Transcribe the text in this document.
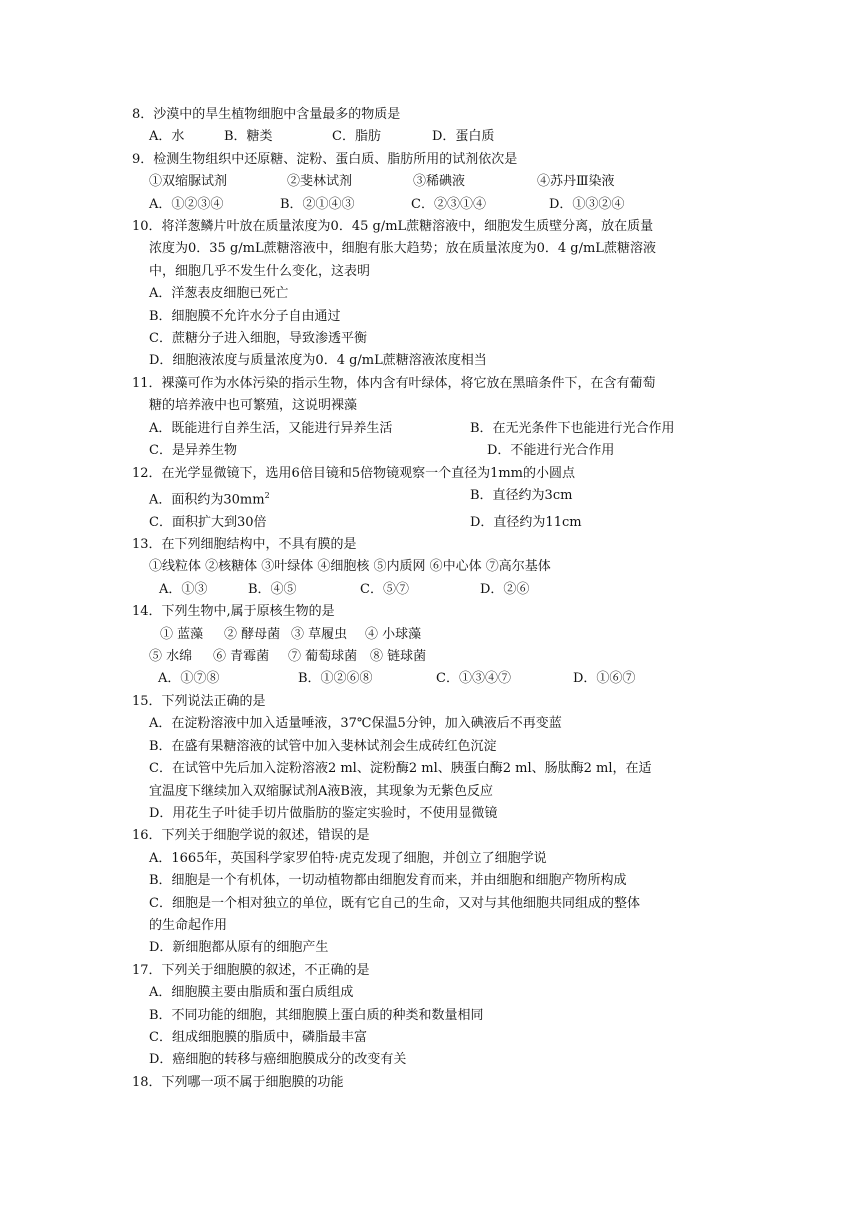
8．沙漠中的旱生植物细胞中含量最多的物质是
A．水	B．糖类	C．脂肪	D．蛋白质
9．检测生物组织中还原糖、淀粉、蛋白质、脂肪所用的试剂依次是
①双缩脲试剂	②斐林试剂	③稀碘液	④苏丹Ⅲ染液
A．①②③④	B．②①④③	C．②③①④	D．①③②④
10．将洋葱鳞片叶放在质量浓度为0．45 g/mL蔗糖溶液中，细胞发生质壁分离，放在质量
浓度为0．35 g/mL蔗糖溶液中，细胞有胀大趋势；放在质量浓度为0．4 g/mL蔗糖溶液
中，细胞几乎不发生什么变化，这表明
A．洋葱表皮细胞已死亡
B．细胞膜不允许水分子自由通过
C．蔗糖分子进入细胞，导致渗透平衡
D．细胞液浓度与质量浓度为0．4 g/mL蔗糖溶液浓度相当
11．裸藻可作为水体污染的指示生物，体内含有叶绿体，将它放在黑暗条件下，在含有葡萄
糖的培养液中也可繁殖，这说明裸藻
A．既能进行自养生活，又能进行异养生活	B．在无光条件下也能进行光合作用
C．是异养生物	D．不能进行光合作用
12．在光学显微镜下，选用6倍目镜和5倍物镜观察一个直径为1mm的小圆点
A．面积约为$30mm^2$	B．直径约为3cm
C．面积扩大到30倍	D．直径约为11cm
13．在下列细胞结构中，不具有膜的是
①线粒体 ②核糖体 ③叶绿体 ④细胞核 ⑤内质网 ⑥中心体 ⑦高尔基体
A．①③	B．④⑤	C．⑤⑦	D．②⑥
14．下列生物中,属于原核生物的是
① 蓝藻	② 酵母菌 ③ 草履虫	④ 小球藻
⑤ 水绵	⑥ 青霉菌	⑦ 葡萄球菌 ⑧ 链球菌
A．①⑦⑧	B．①②⑥⑧	C．①③④⑦	D．①⑥⑦
15．下列说法正确的是
A．在淀粉溶液中加入适量唾液，37℃保温5分钟，加入碘液后不再变蓝
B．在盛有果糖溶液的试管中加入斐林试剂会生成砖红色沉淀
C．在试管中先后加入淀粉溶液2 ml、淀粉酶2 ml、胰蛋白酶2 ml、肠肽酶2 ml，在适
宜温度下继续加入双缩脲试剂A液B液，其现象为无紫色反应
D．用花生子叶徒手切片做脂肪的鉴定实验时，不使用显微镜
16．下列关于细胞学说的叙述，错误的是
A．1665年，英国科学家罗伯特·虎克发现了细胞，并创立了细胞学说
B．细胞是一个有机体，一切动植物都由细胞发育而来，并由细胞和细胞产物所构成
C．细胞是一个相对独立的单位，既有它自己的生命，又对与其他细胞共同组成的整体
的生命起作用
D．新细胞都从原有的细胞产生
17．下列关于细胞膜的叙述，不正确的是
A．细胞膜主要由脂质和蛋白质组成
B．不同功能的细胞，其细胞膜上蛋白质的种类和数量相同
C．组成细胞膜的脂质中，磷脂最丰富
D．癌细胞的转移与癌细胞膜成分的改变有关
18．下列哪一项不属于细胞膜的功能
